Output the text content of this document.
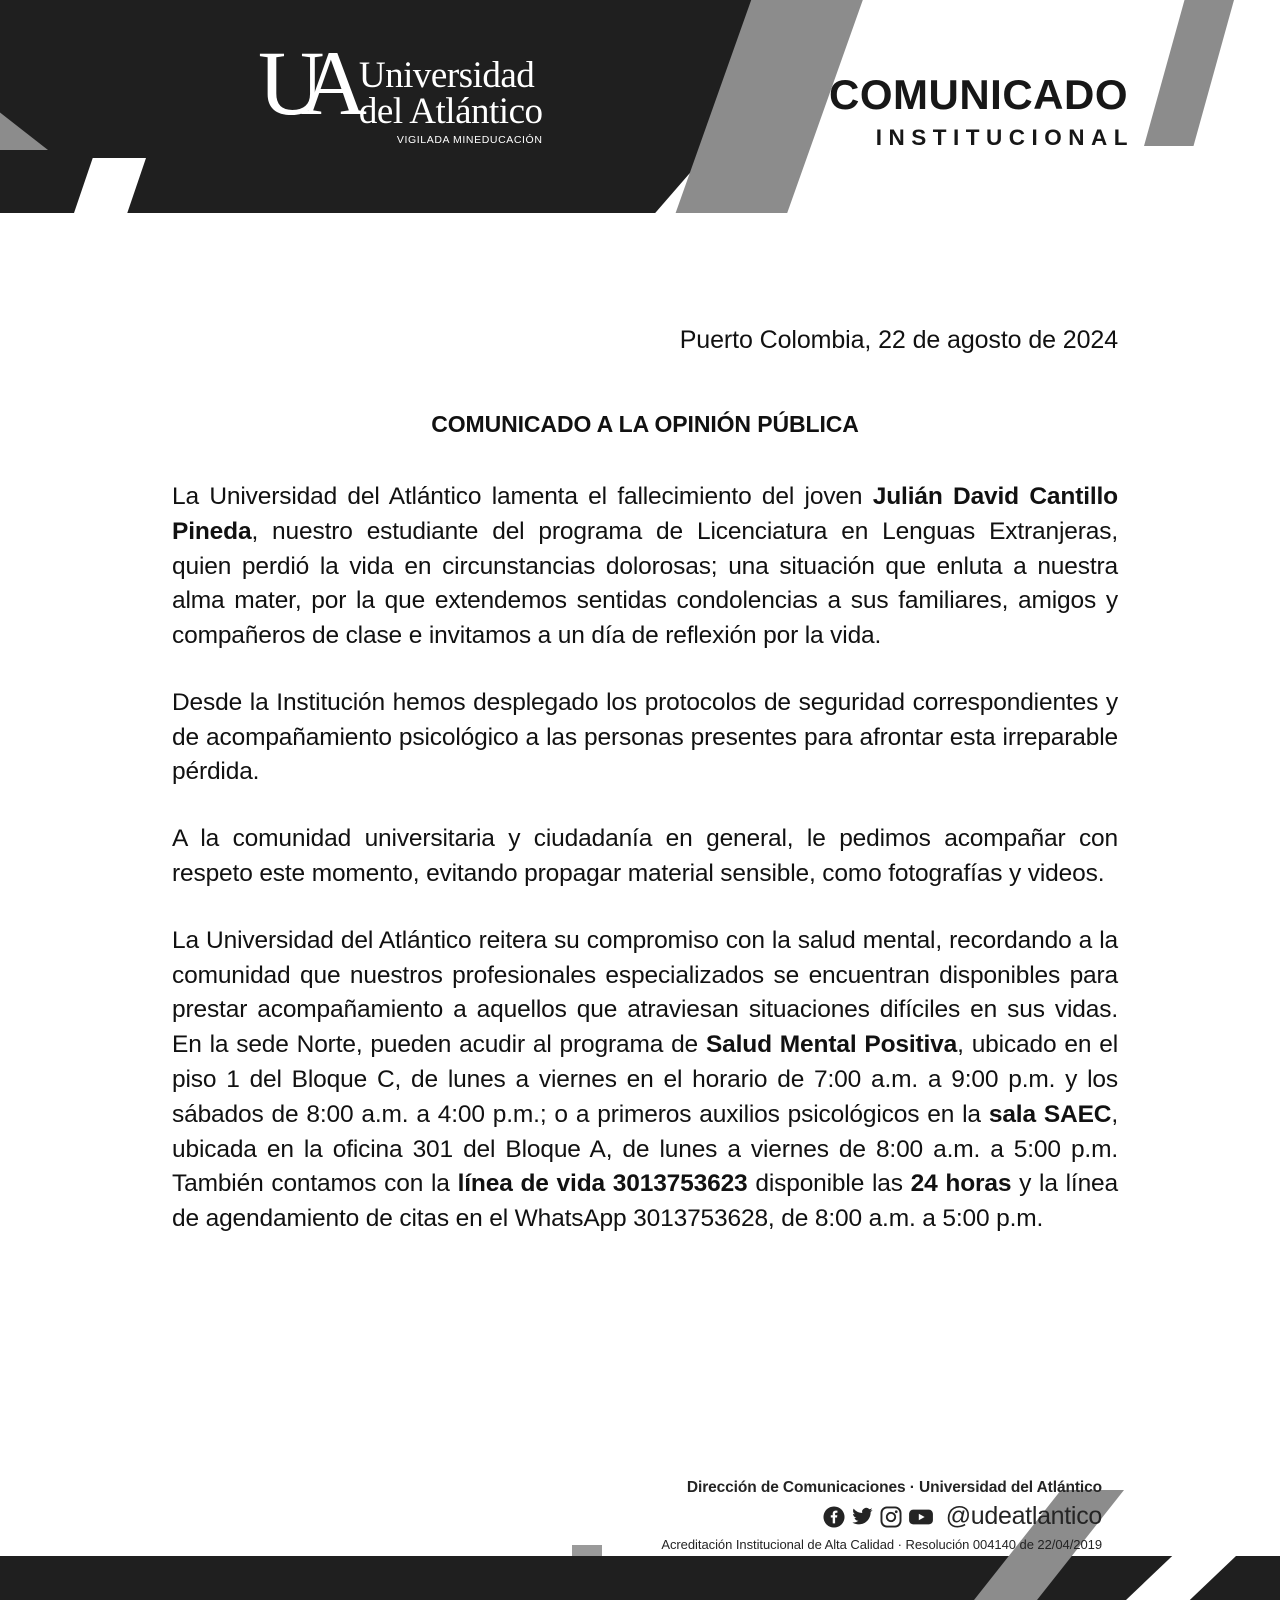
UA Universidad
del Atlántico
VIGILADA MINEDUCACIÓN
COMUNICADO
INSTITUCIONAL
Puerto Colombia, 22 de agosto de 2024
COMUNICADO A LA OPINIÓN PÚBLICA
La Universidad del Atlántico lamenta el fallecimiento del joven Julián David Cantillo Pineda, nuestro estudiante del programa de Licenciatura en Lenguas Extranjeras, quien perdió la vida en circunstancias dolorosas; una situación que enluta a nuestra alma mater, por la que extendemos sentidas condolencias a sus familiares, amigos y compañeros de clase e invitamos a un día de reflexión por la vida.
Desde la Institución hemos desplegado los protocolos de seguridad correspondientes y de acompañamiento psicológico a las personas presentes para afrontar esta irreparable pérdida.
A la comunidad universitaria y ciudadanía en general, le pedimos acompañar con respeto este momento, evitando propagar material sensible, como fotografías y videos.
La Universidad del Atlántico reitera su compromiso con la salud mental, recordando a la comunidad que nuestros profesionales especializados se encuentran disponibles para prestar acompañamiento a aquellos que atraviesan situaciones difíciles en sus vidas. En la sede Norte, pueden acudir al programa de Salud Mental Positiva, ubicado en el piso 1 del Bloque C, de lunes a viernes en el horario de 7:00 a.m. a 9:00 p.m. y los sábados de 8:00 a.m. a 4:00 p.m.; o a primeros auxilios psicológicos en la sala SAEC, ubicada en la oficina 301 del Bloque A, de lunes a viernes de 8:00 a.m. a 5:00 p.m. También contamos con la línea de vida 3013753623 disponible las 24 horas y la línea de agendamiento de citas en el WhatsApp 3013753628, de 8:00 a.m. a 5:00 p.m.
Dirección de Comunicaciones · Universidad del Atlántico
@udeatlantico
Acreditación Institucional de Alta Calidad · Resolución 004140 de 22/04/2019
